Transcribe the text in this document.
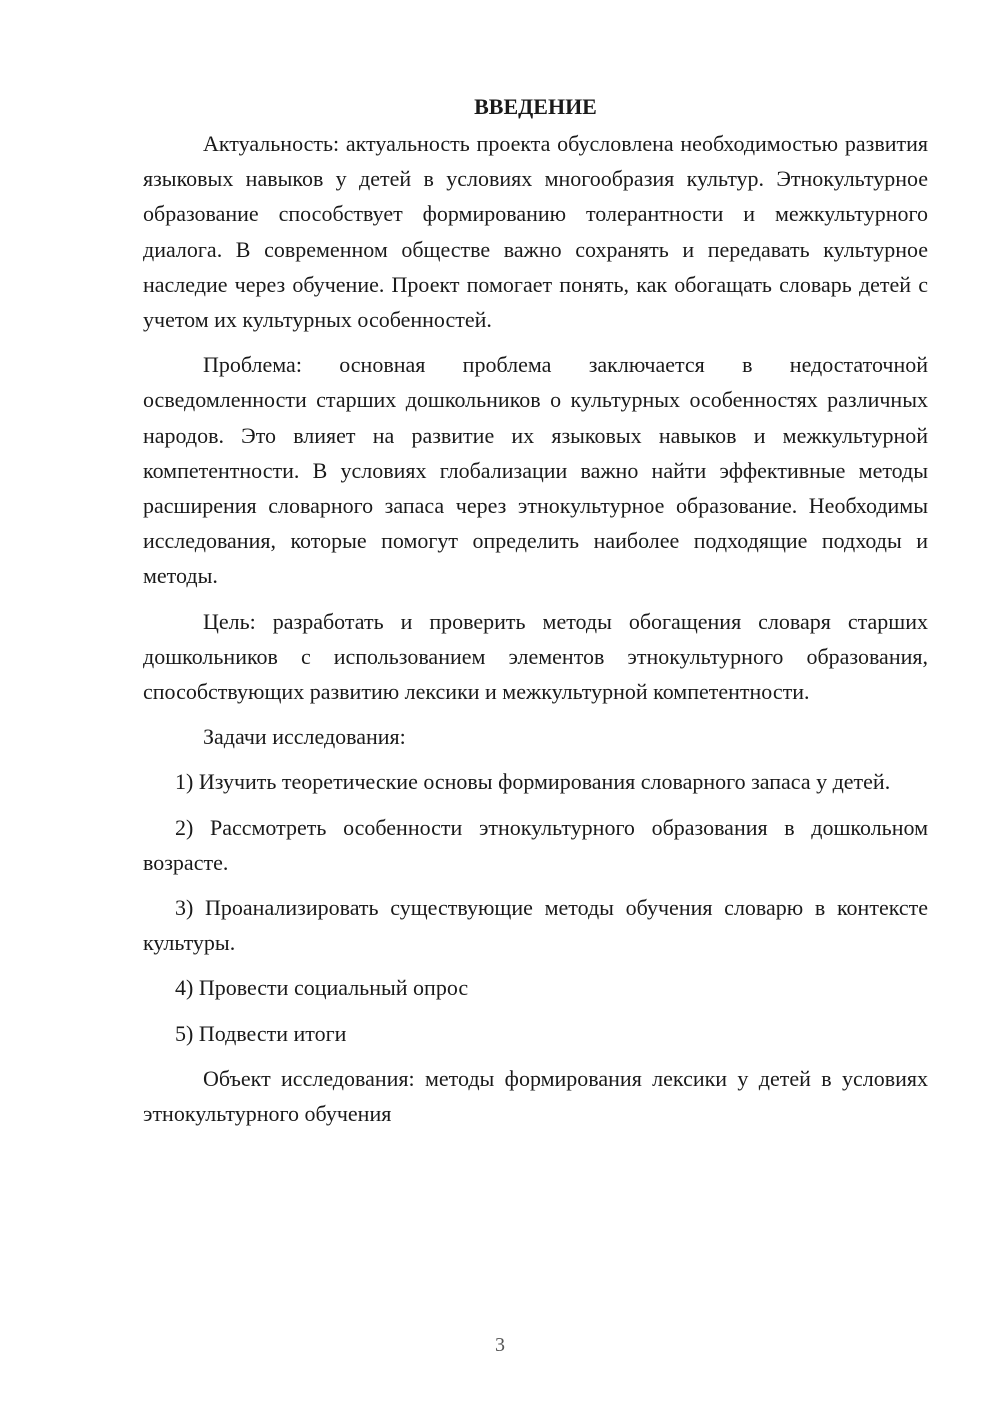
ВВЕДЕНИЕ

Актуальность: актуальность проекта обусловлена необходимостью развития языковых навыков у детей в условиях многообразия культур. Этнокультурное образование способствует формированию толерантности и межкультурного диалога. В современном обществе важно сохранять и передавать культурное наследие через обучение. Проект помогает понять, как обогащать словарь детей с учетом их культурных особенностей.

Проблема: основная проблема заключается в недостаточной осведомленности старших дошкольников о культурных особенностях различных народов. Это влияет на развитие их языковых навыков и межкультурной компетентности. В условиях глобализации важно найти эффективные методы расширения словарного запаса через этнокультурное образование. Необходимы исследования, которые помогут определить наиболее подходящие подходы и методы.

Цель: разработать и проверить методы обогащения словаря старших дошкольников с использованием элементов этнокультурного образования, способствующих развитию лексики и межкультурной компетентности.

Задачи исследования:

1) Изучить теоретические основы формирования словарного запаса у детей.

2) Рассмотреть особенности этнокультурного образования в дошкольном возрасте.

3) Проанализировать существующие методы обучения словарю в контексте культуры.

4) Провести социальный опрос

5) Подвести итоги

Объект исследования: методы формирования лексики у детей в условиях этнокультурного обучения

3
